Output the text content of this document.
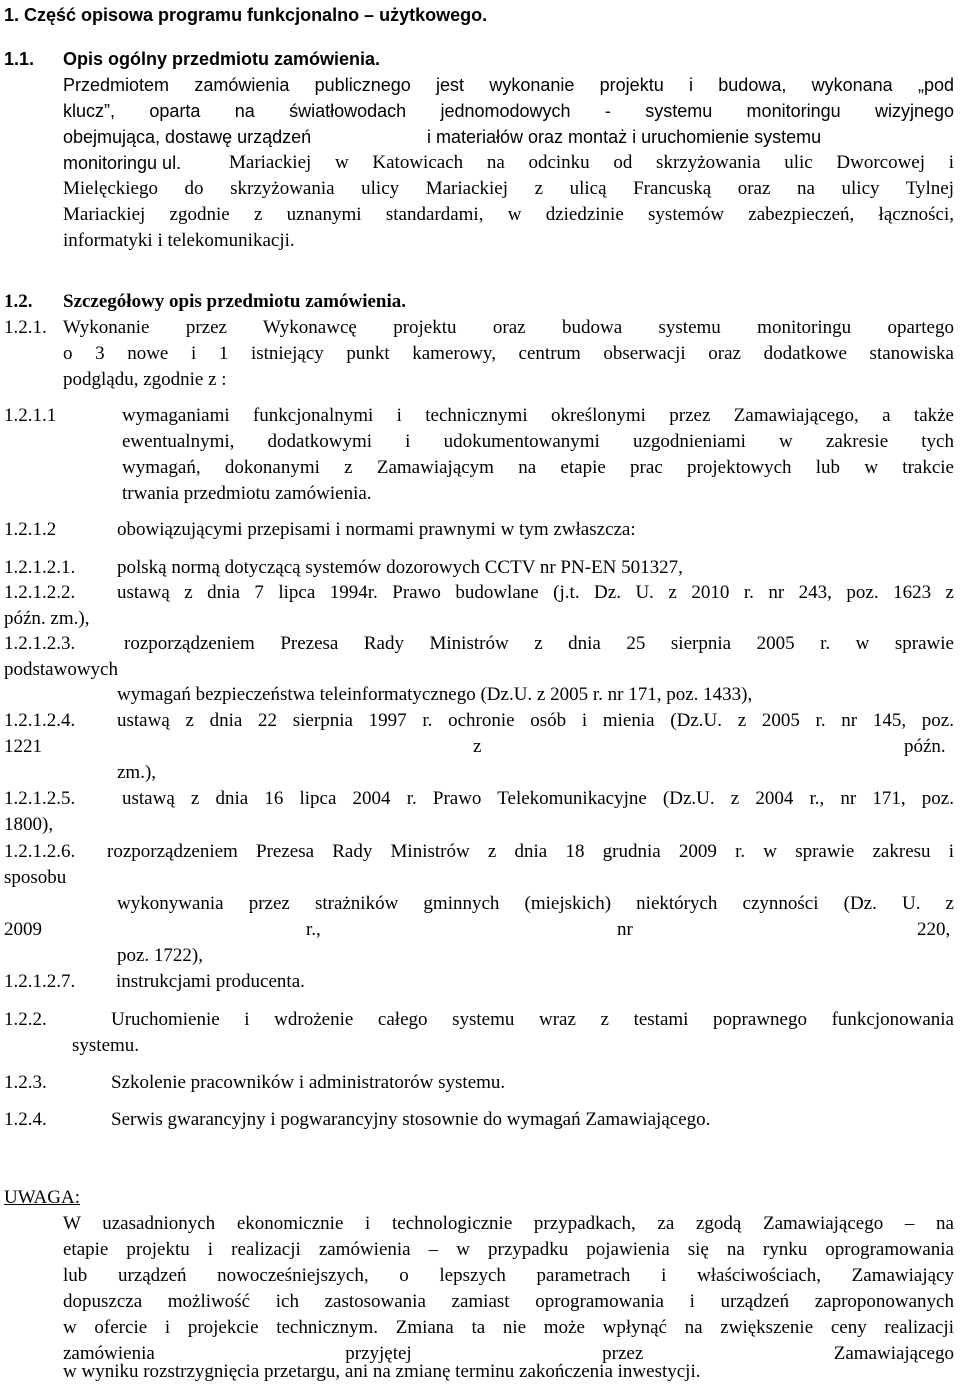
1. Część opisowa programu funkcjonalno – użytkowego.
1.1. Opis ogólny przedmiotu zamówienia.
Przedmiotem zamówienia publicznego jest wykonanie projektu i budowa, wykonana „pod
klucz”, oparta na światłowodach jednomodowych - systemu monitoringu wizyjnego
obejmująca, dostawę urządzeń	i materiałów oraz montaż i uruchomienie systemu
monitoringu ul.	Mariackiej w Katowicach na odcinku od skrzyżowania ulic Dworcowej i
Mielęckiego do skrzyżowania ulicy Mariackiej z ulicą Francuską oraz na ulicy Tylnej
Mariackiej zgodnie z uznanymi standardami, w dziedzinie systemów zabezpieczeń, łączności,
informatyki i telekomunikacji.
1.2. Szczegółowy opis przedmiotu zamówienia.
1.2.1. Wykonanie przez Wykonawcę projektu oraz budowa systemu monitoringu opartego
o 3 nowe i 1 istniejący punkt kamerowy, centrum obserwacji oraz dodatkowe stanowiska
podglądu, zgodnie z :
1.2.1.1	wymaganiami funkcjonalnymi i technicznymi określonymi przez Zamawiającego, a także
ewentualnymi, dodatkowymi i udokumentowanymi uzgodnieniami w zakresie tych
wymagań, dokonanymi z Zamawiającym na etapie prac projektowych lub w trakcie
trwania przedmiotu zamówienia.
1.2.1.2	obowiązującymi przepisami i normami prawnymi w tym zwłaszcza:
1.2.1.2.1. polską normą dotyczącą systemów dozorowych CCTV nr PN-EN 501327,
1.2.1.2.2. ustawą z dnia 7 lipca 1994r. Prawo budowlane (j.t. Dz. U. z 2010 r. nr 243, poz. 1623 z
późn. zm.),
1.2.1.2.3.	rozporządzeniem Prezesa Rady Ministrów z dnia 25 sierpnia 2005 r. w sprawie
podstawowych
wymagań bezpieczeństwa teleinformatycznego (Dz.U. z 2005 r. nr 171, poz. 1433),
1.2.1.2.4. ustawą z dnia 22 sierpnia 1997 r. ochronie osób i mienia (Dz.U. z 2005 r. nr 145, poz.
1221	z	późn.
zm.),
1.2.1.2.5. ustawą z dnia 16 lipca 2004 r. Prawo Telekomunikacyjne (Dz.U. z 2004 r., nr 171, poz.
1800),
1.2.1.2.6. rozporządzeniem Prezesa Rady Ministrów z dnia 18 grudnia 2009 r. w sprawie zakresu i
sposobu
wykonywania przez strażników gminnych (miejskich) niektórych czynności (Dz. U. z
2009	r.,	nr	220,
poz. 1722),
1.2.1.2.7. instrukcjami producenta.
1.2.2.	Uruchomienie i wdrożenie całego systemu wraz z testami poprawnego funkcjonowania
systemu.
1.2.3.	Szkolenie pracowników i administratorów systemu.
1.2.4.	Serwis gwarancyjny i pogwarancyjny stosownie do wymagań Zamawiającego.
UWAGA:
W uzasadnionych ekonomicznie i technologicznie przypadkach, za zgodą Zamawiającego – na
etapie projektu i realizacji zamówienia – w przypadku pojawienia się na rynku oprogramowania
lub urządzeń nowocześniejszych, o lepszych parametrach i właściwościach, Zamawiający
dopuszcza możliwość ich zastosowania zamiast oprogramowania i urządzeń zaproponowanych
w ofercie i projekcie technicznym. Zmiana ta nie może wpłynąć na zwiększenie ceny realizacji
zamówienia przyjętej przez Zamawiającego
w wyniku rozstrzygnięcia przetargu, ani na zmianę terminu zakończenia inwestycji.
